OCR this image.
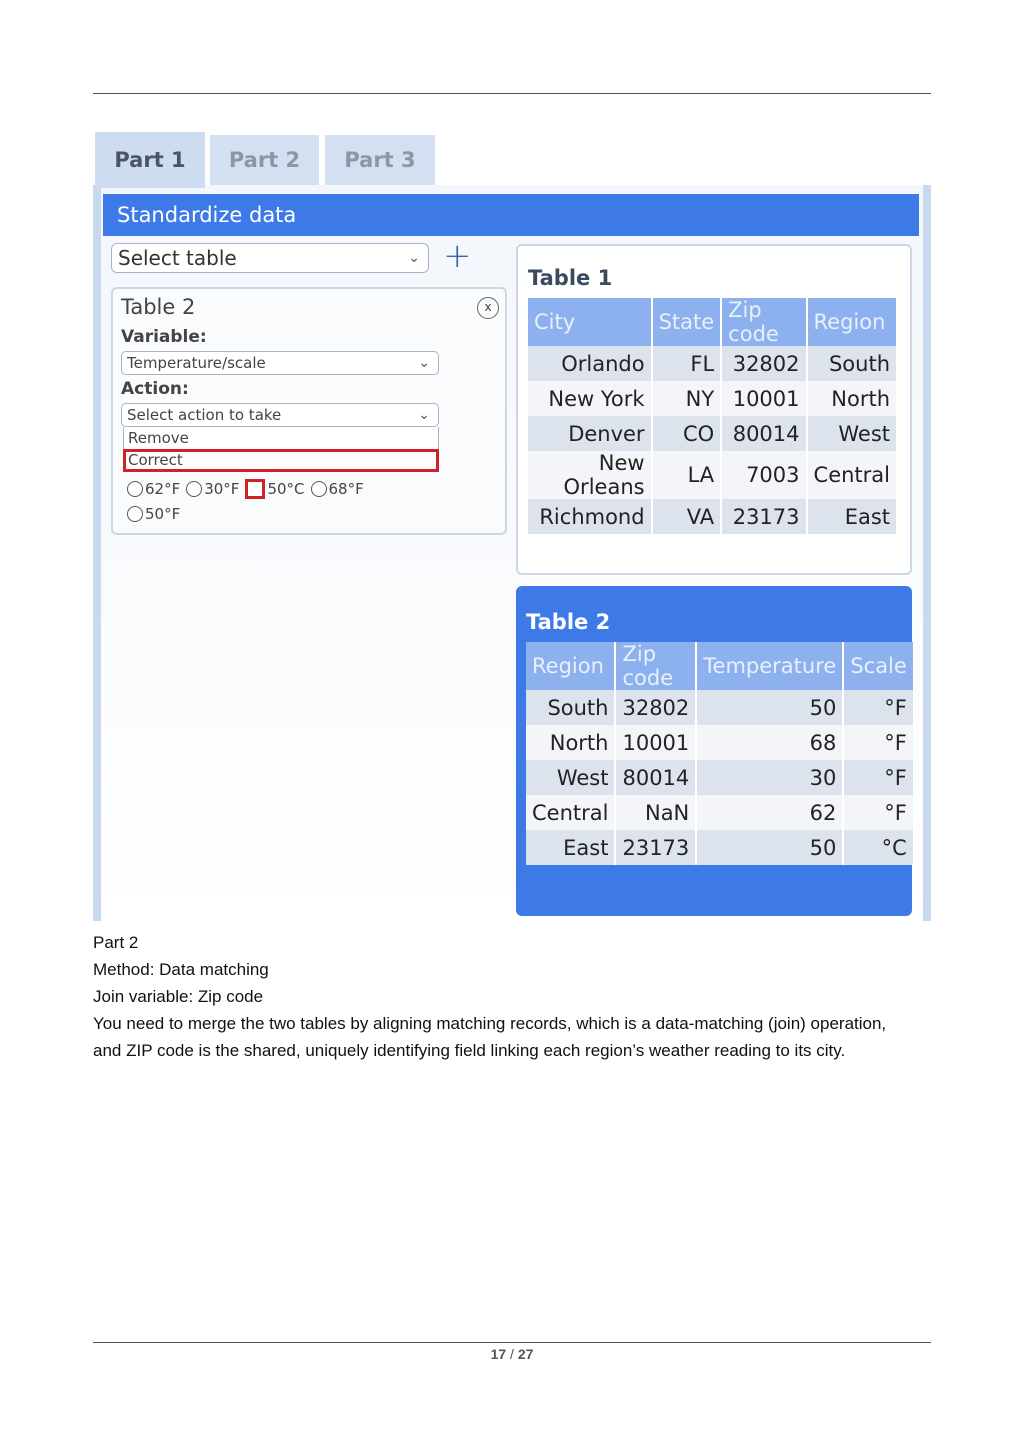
Part 1	Part 2	Part 3
Standardize data
Select table	⌄ +
Table 2	x
Variable:
Temperature/scale	⌄
Action:
Select action to take	⌄
Remove
Correct
62°F 30°F 50°C 68°F
50°F
Table 1
City	State	Zip code	Region
Orlando	FL	32802	South
New York	NY	10001	North
Denver	CO	80014	West
New Orleans	LA	7003	Central
Richmond	VA	23173	East
Table 2
Region	Zip code	Temperature	Scale
South	32802	50	°F
North	10001	68	°F
West	80014	30	°F
Central	NaN	62	°F
East	23173	50	°C
Part 2
Method: Data matching
Join variable: Zip code
You need to merge the two tables by aligning matching records, which is a data-matching (join) operation,
and ZIP code is the shared, uniquely identifying field linking each region’s weather reading to its city.
17 / 27
